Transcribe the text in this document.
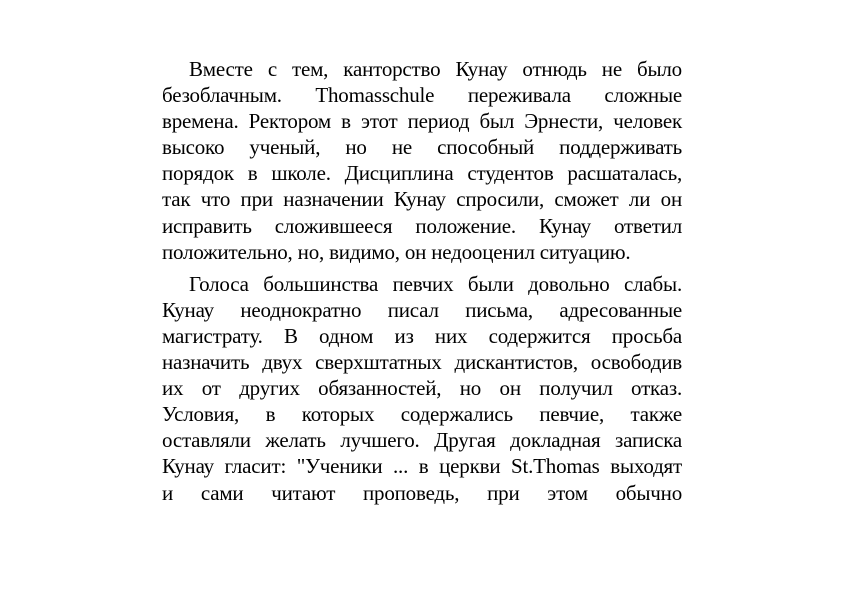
Вместе с тем, канторство Кунау отнюдь не было
безоблачным. Thomasschule переживала сложные
времена. Ректором в этот период был Эрнести, человек
высоко ученый, но не способный поддерживать
порядок в школе. Дисциплина студентов расшаталась,
так что при назначении Кунау спросили, сможет ли он
исправить сложившееся положение. Кунау ответил
положительно, но, видимо, он недооценил ситуацию.
Голоса большинства певчих были довольно слабы.
Кунау неоднократно писал письма, адресованные
магистрату. В одном из них содержится просьба
назначить двух сверхштатных дискантистов, освободив
их от других обязанностей, но он получил отказ.
Условия, в которых содержались певчие, также
оставляли желать лучшего. Другая докладная записка
Кунау гласит: "Ученики ... в церкви St.Thomas выходят
и сами читают проповедь, при этом обычно
